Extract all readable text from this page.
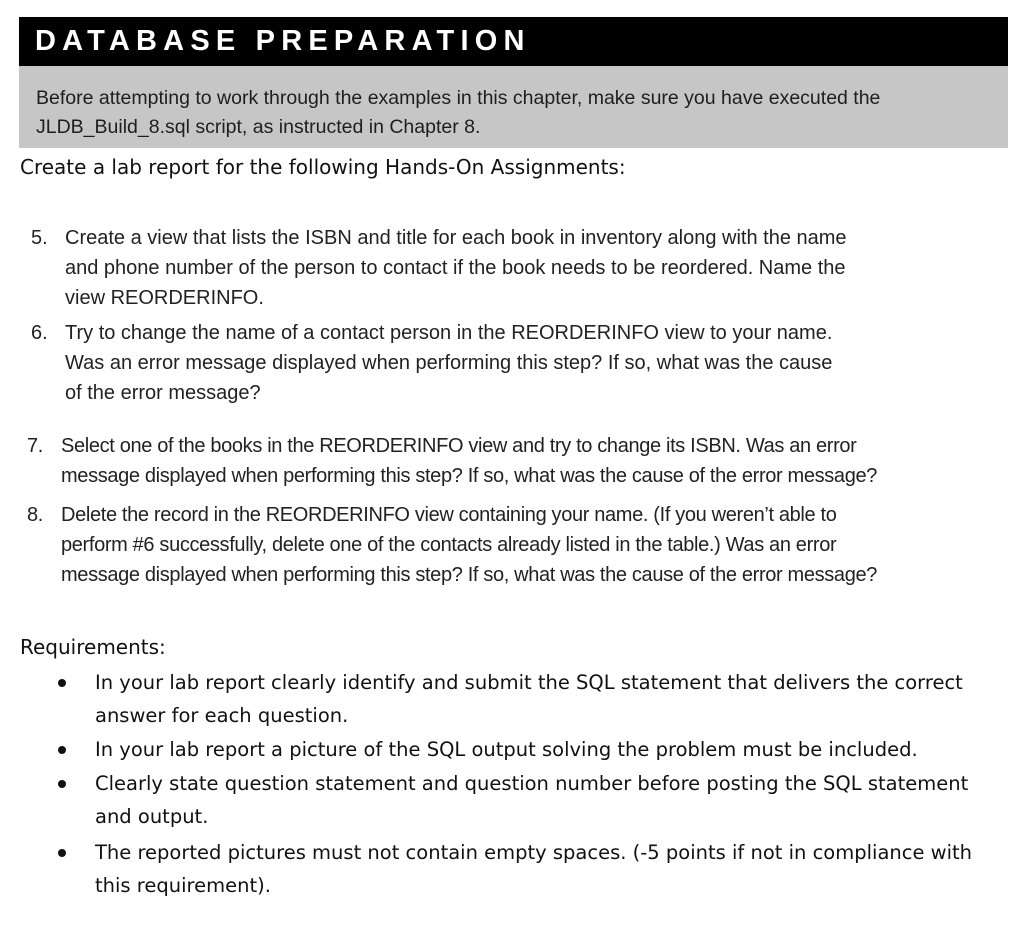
DATABASE PREPARATION
Before attempting to work through the examples in this chapter, make sure you have executed the
JLDB_Build_8.sql script, as instructed in Chapter 8.
Create a lab report for the following Hands-On Assignments:
5. Create a view that lists the ISBN and title for each book in inventory along with the name
and phone number of the person to contact if the book needs to be reordered. Name the
view REORDERINFO.
6. Try to change the name of a contact person in the REORDERINFO view to your name.
Was an error message displayed when performing this step? If so, what was the cause
of the error message?
7. Select one of the books in the REORDERINFO view and try to change its ISBN. Was an error
message displayed when performing this step? If so, what was the cause of the error message?
8. Delete the record in the REORDERINFO view containing your name. (If you weren’t able to
perform #6 successfully, delete one of the contacts already listed in the table.) Was an error
message displayed when performing this step? If so, what was the cause of the error message?
Requirements:
In your lab report clearly identify and submit the SQL statement that delivers the correct
answer for each question.
In your lab report a picture of the SQL output solving the problem must be included.
Clearly state question statement and question number before posting the SQL statement
and output.
The reported pictures must not contain empty spaces. (-5 points if not in compliance with
this requirement).
